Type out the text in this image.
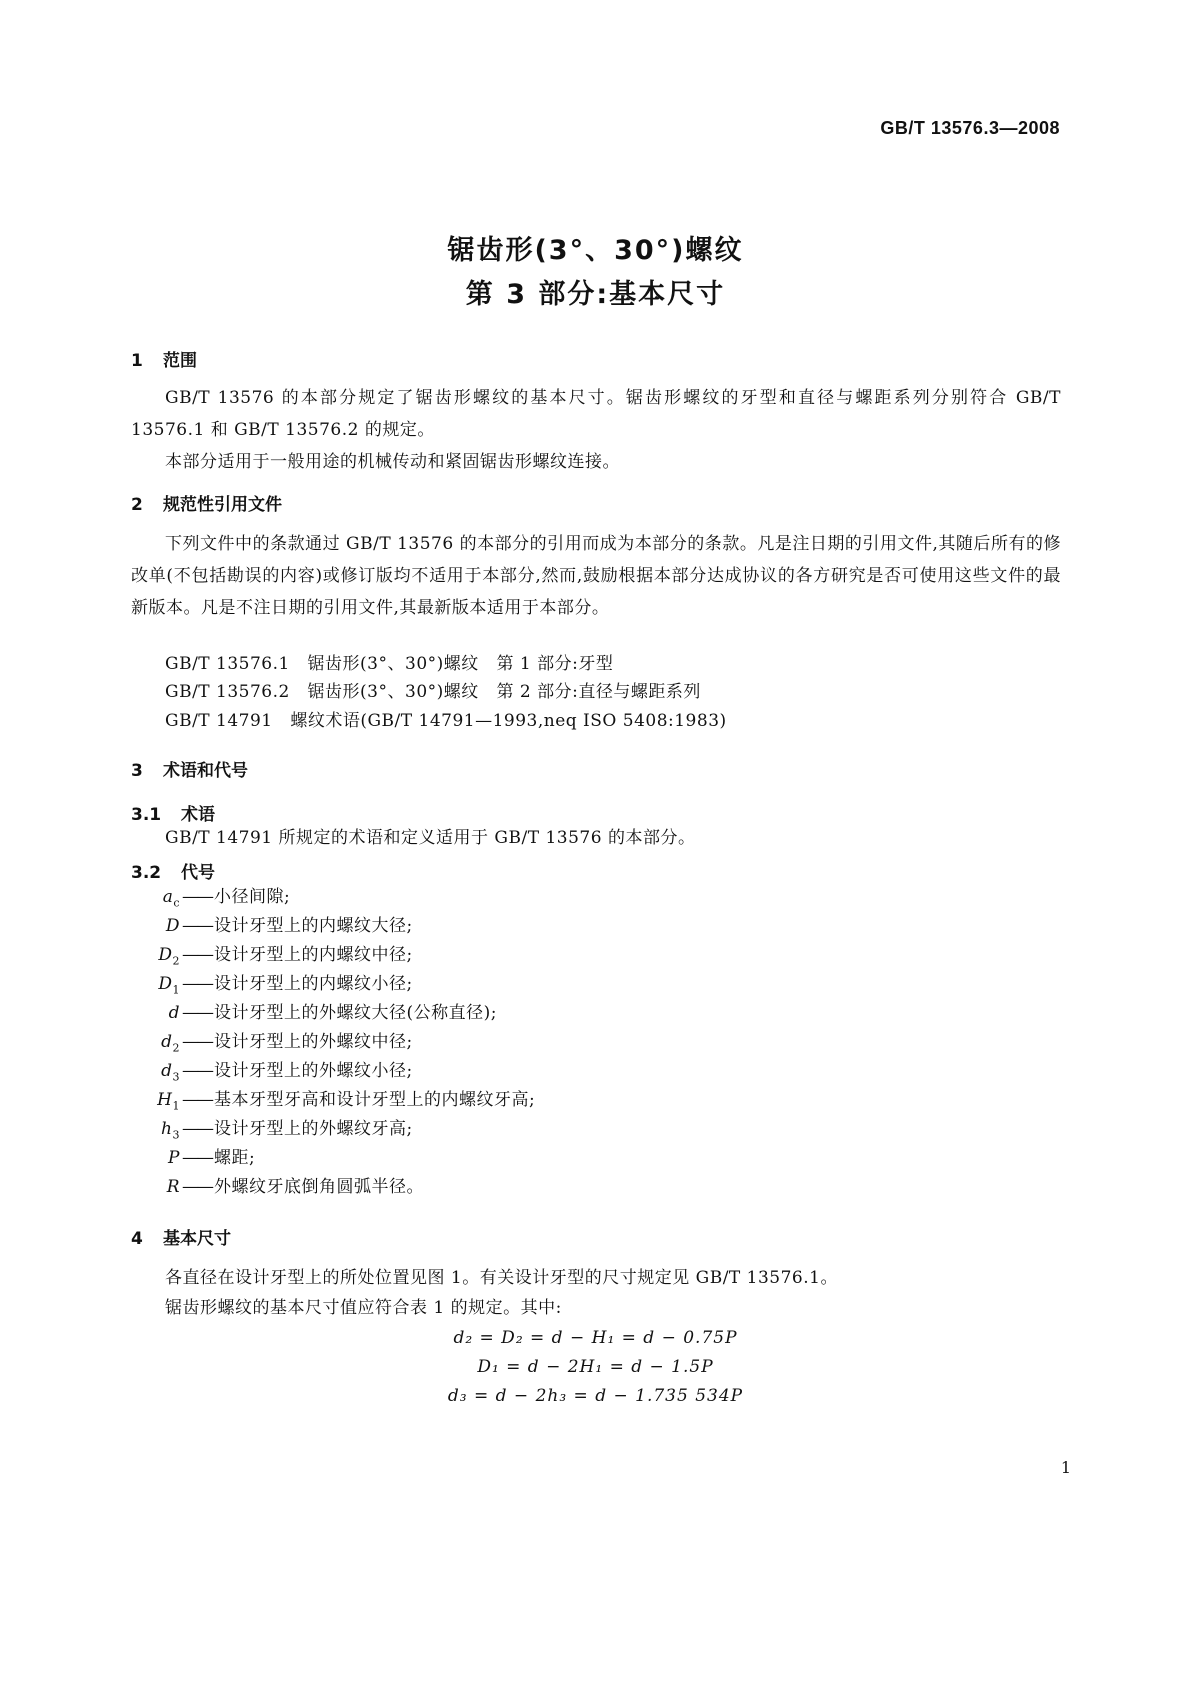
GB/T 13576.3—2008
锯齿形(3°、30°)螺纹
第 3 部分:基本尺寸
1 范围
GB/T 13576 的本部分规定了锯齿形螺纹的基本尺寸。锯齿形螺纹的牙型和直径与螺距系列分别符合 GB/T 13576.1 和 GB/T 13576.2 的规定。
本部分适用于一般用途的机械传动和紧固锯齿形螺纹连接。
2 规范性引用文件
下列文件中的条款通过 GB/T 13576 的本部分的引用而成为本部分的条款。凡是注日期的引用文件,其随后所有的修改单(不包括勘误的内容)或修订版均不适用于本部分,然而,鼓励根据本部分达成协议的各方研究是否可使用这些文件的最新版本。凡是不注日期的引用文件,其最新版本适用于本部分。
GB/T 13576.1   锯齿形(3°、30°)螺纹   第 1 部分:牙型
GB/T 13576.2   锯齿形(3°、30°)螺纹   第 2 部分:直径与螺距系列
GB/T 14791   螺纹术语(GB/T 14791—1993,neq ISO 5408:1983)
3 术语和代号
3.1 术语
GB/T 14791 所规定的术语和定义适用于 GB/T 13576 的本部分。
3.2 代号
$a_c$ —— 小径间隙;
D —— 设计牙型上的内螺纹大径;
$D_2$ —— 设计牙型上的内螺纹中径;
$D_1$ —— 设计牙型上的内螺纹小径;
d —— 设计牙型上的外螺纹大径(公称直径);
$d_2$ —— 设计牙型上的外螺纹中径;
$d_3$ —— 设计牙型上的外螺纹小径;
$H_1$ —— 基本牙型牙高和设计牙型上的内螺纹牙高;
$h_3$ —— 设计牙型上的外螺纹牙高;
P —— 螺距;
R —— 外螺纹牙底倒角圆弧半径。
4 基本尺寸
各直径在设计牙型上的所处位置见图 1。有关设计牙型的尺寸规定见 GB/T 13576.1。
锯齿形螺纹的基本尺寸值应符合表 1 的规定。其中:
d₂ = D₂ = d − H₁ = d − 0.75P
D₁ = d − 2H₁ = d − 1.5P
d₃ = d − 2h₃ = d − 1.735 534P
1
